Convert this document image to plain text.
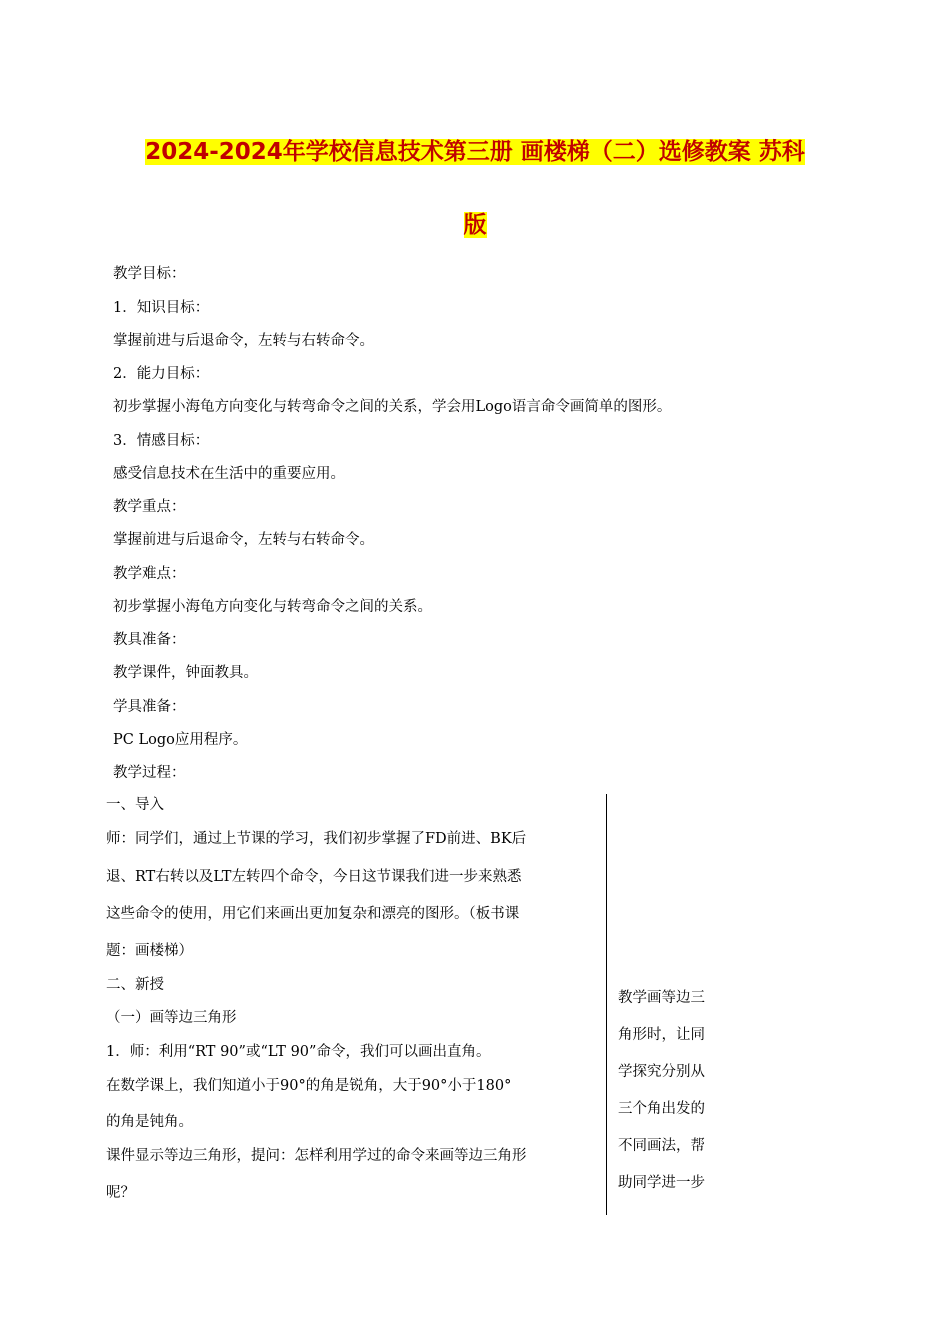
2024-2024年学校信息技术第三册 画楼梯（二）选修教案 苏科
版
教学目标：
1．知识目标：
掌握前进与后退命令，左转与右转命令。
2．能力目标：
初步掌握小海龟方向变化与转弯命令之间的关系，学会用Logo语言命令画简单的图形。
3．情感目标：
感受信息技术在生活中的重要应用。
教学重点：
掌握前进与后退命令，左转与右转命令。
教学难点：
初步掌握小海龟方向变化与转弯命令之间的关系。
教具准备：
教学课件，钟面教具。
学具准备：
PC Logo应用程序。
教学过程：
一、导入
师：同学们，通过上节课的学习，我们初步掌握了FD前进、BK后
退、RT右转以及LT左转四个命令，今日这节课我们进一步来熟悉
这些命令的使用，用它们来画出更加复杂和漂亮的图形。（板书课
题：画楼梯）
二、新授
（一）画等边三角形
1．师：利用“RT 90”或“LT 90”命令，我们可以画出直角。
在数学课上，我们知道小于90°的角是锐角，大于90°小于180°
的角是钝角。
课件显示等边三角形，提问：怎样利用学过的命令来画等边三角形
呢？
教学画等边三
角形时，让同
学探究分别从
三个角出发的
不同画法，帮
助同学进一步
